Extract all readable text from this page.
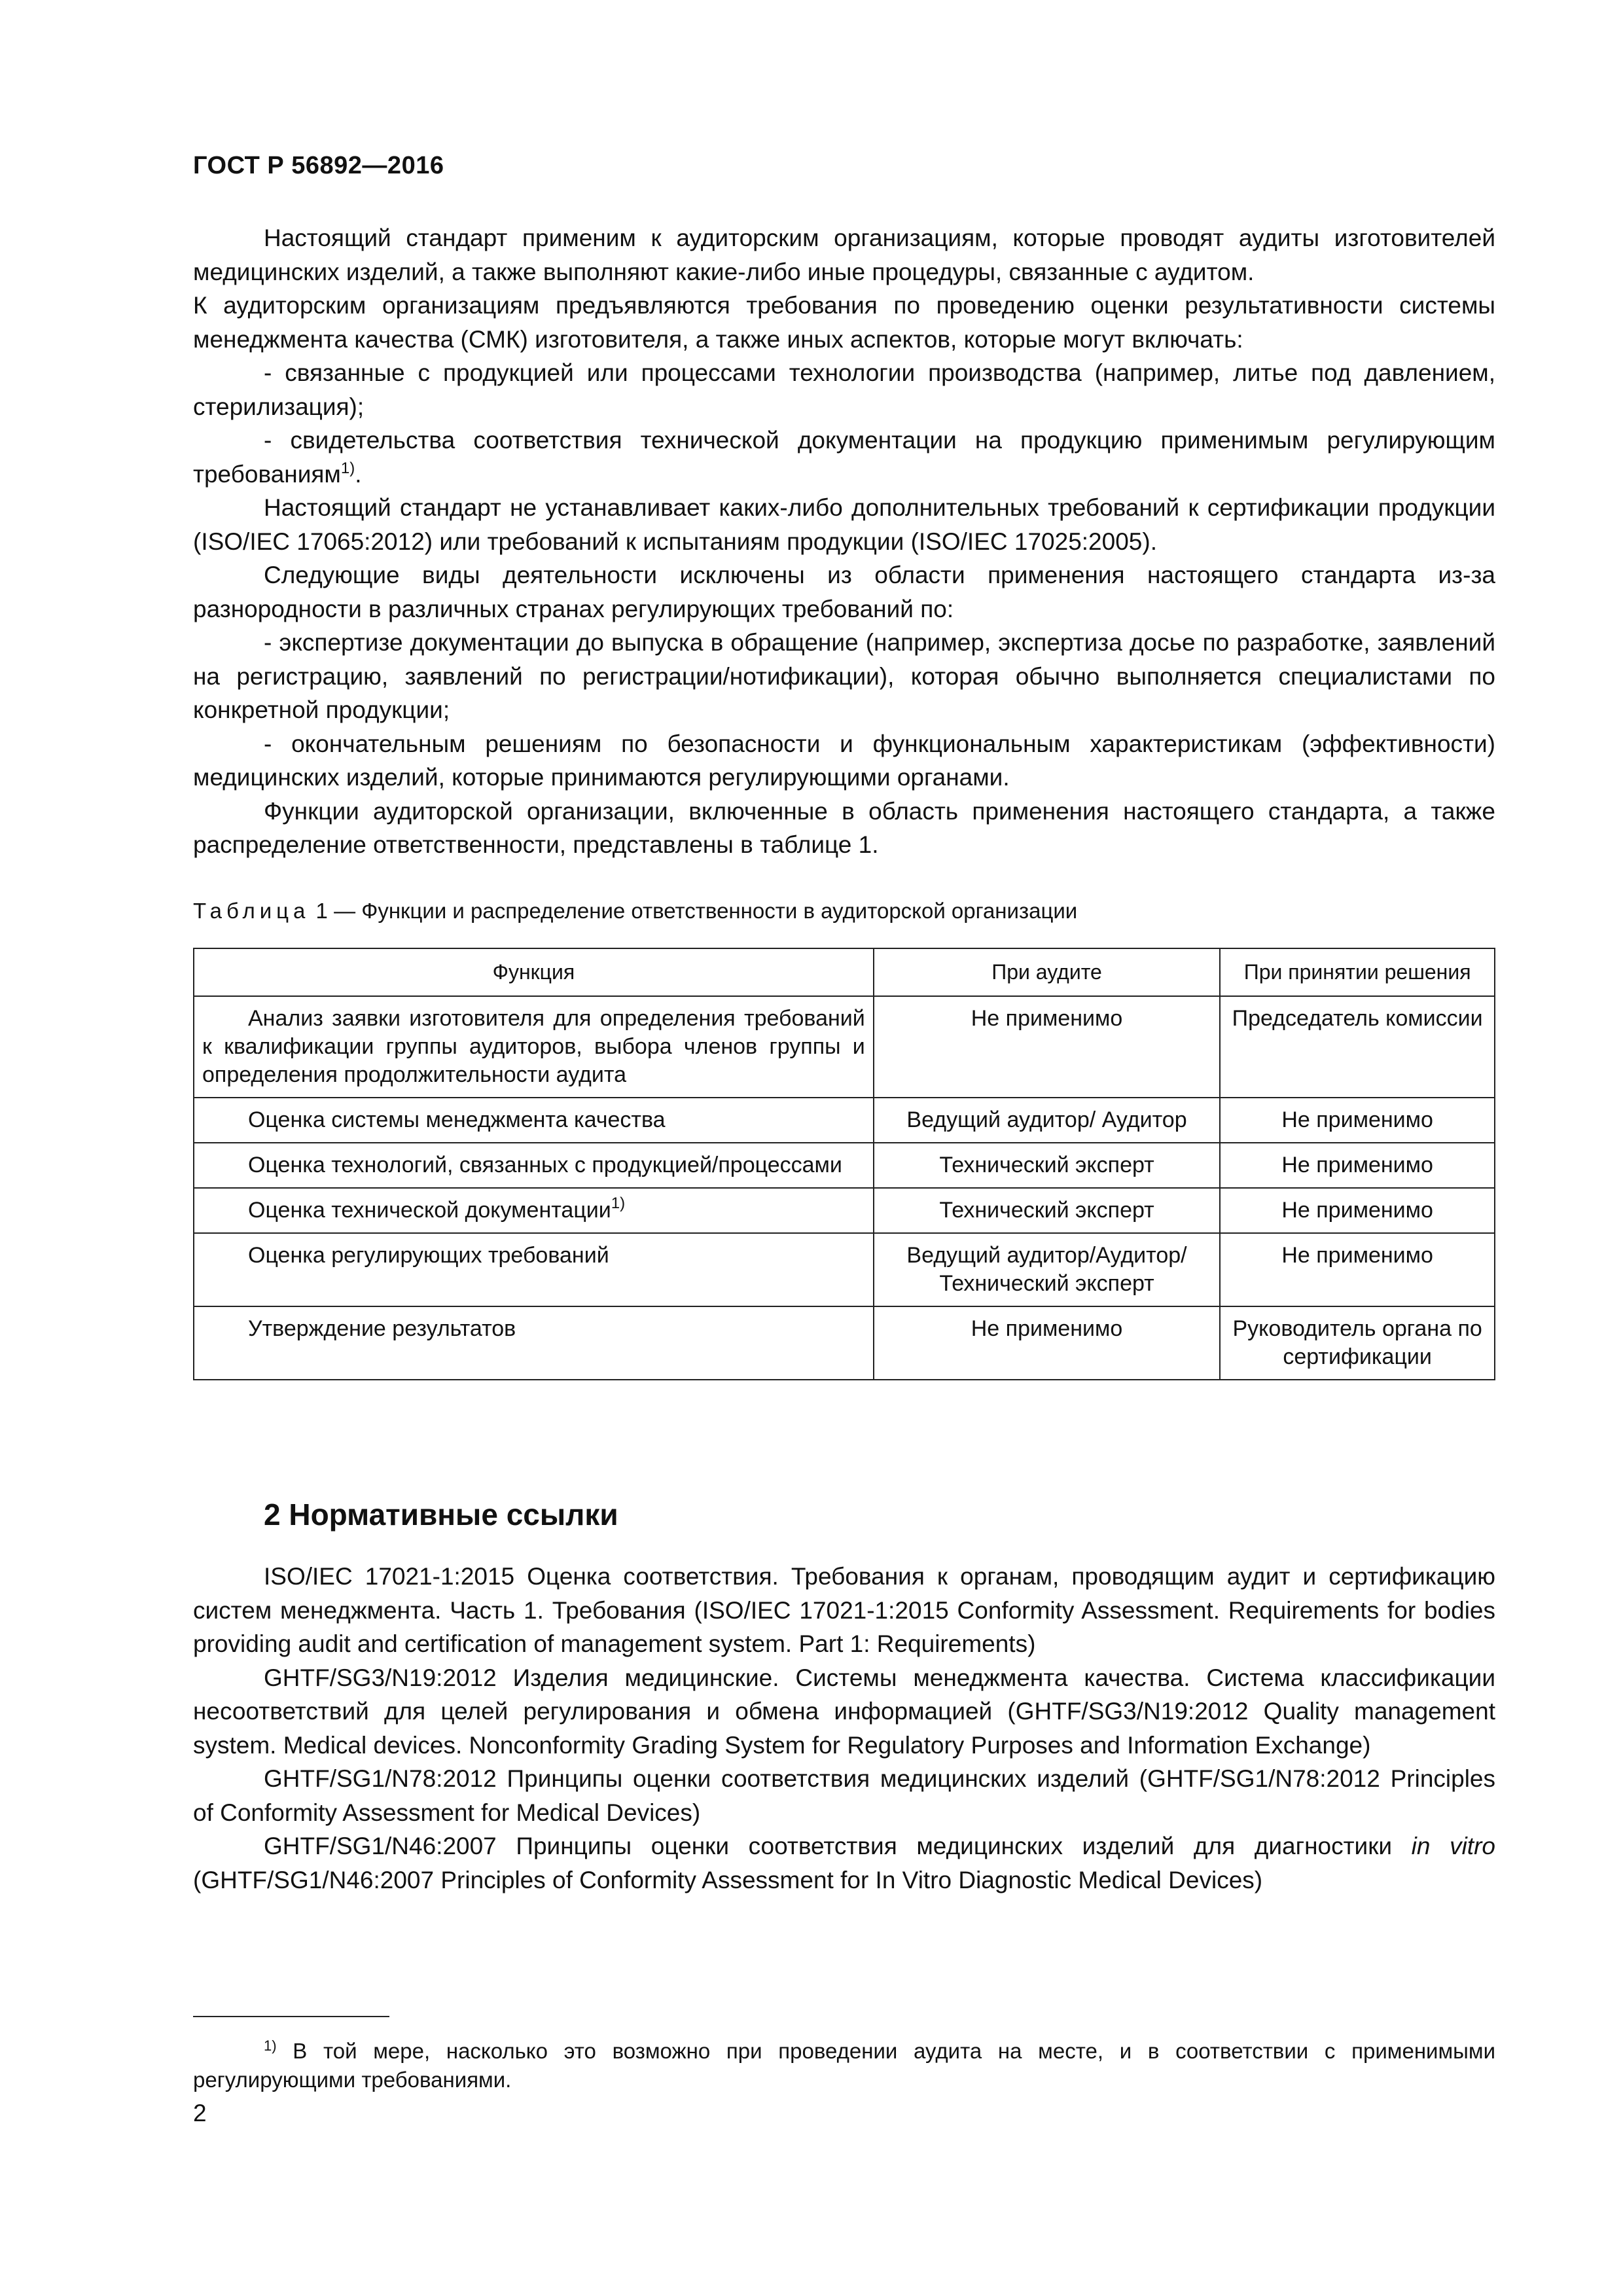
ГОСТ Р 56892—2016

Настоящий стандарт применим к аудиторским организациям, которые проводят аудиты изготовителей медицинских изделий, а также выполняют какие-либо иные процедуры, связанные с аудитом.

К аудиторским организациям предъявляются требования по проведению оценки результативности системы менеджмента качества (СМК) изготовителя, а также иных аспектов, которые могут включать:

- связанные с продукцией или процессами технологии производства (например, литье под давлением, стерилизация);

- свидетельства соответствия технической документации на продукцию применимым регулирующим требованиям$^{1)}$.

Настоящий стандарт не устанавливает каких-либо дополнительных требований к сертификации продукции (ISO/IEC 17065:2012) или требований к испытаниям продукции (ISO/IEC 17025:2005).

Следующие виды деятельности исключены из области применения настоящего стандарта из-за разнородности в различных странах регулирующих требований по:

- экспертизе документации до выпуска в обращение (например, экспертиза досье по разработке, заявлений на регистрацию, заявлений по регистрации/нотификации), которая обычно выполняется специалистами по конкретной продукции;

- окончательным решениям по безопасности и функциональным характеристикам (эффективности) медицинских изделий, которые принимаются регулирующими органами.

Функции аудиторской организации, включенные в область применения настоящего стандарта, а также распределение ответственности, представлены в таблице 1.

Таблица 1 — Функции и распределение ответственности в аудиторской организации
Функция	При аудите	При принятии решения
Анализ заявки изготовителя для определения требований к квалификации группы аудиторов, выбора членов группы и определения продолжительности аудита	Не применимо	Председатель комиссии
Оценка системы менеджмента качества	Ведущий аудитор/ Аудитор	Не применимо
Оценка технологий, связанных с продукцией/процессами	Технический эксперт	Не применимо
Оценка технической документации$^{1)}$	Технический эксперт	Не применимо
Оценка регулирующих требований	Ведущий аудитор/Аудитор/ Технический эксперт	Не применимо
Утверждение результатов	Не применимо	Руководитель органа по сертификации
2 Нормативные ссылки

ISO/IEC 17021-1:2015 Оценка соответствия. Требования к органам, проводящим аудит и сертификацию систем менеджмента. Часть 1. Требования (ISO/IEC 17021-1:2015 Conformity Assessment. Requirements for bodies providing audit and certification of management system. Part 1: Requirements)

GHTF/SG3/N19:2012 Изделия медицинские. Системы менеджмента качества. Система классификации несоответствий для целей регулирования и обмена информацией (GHTF/SG3/N19:2012 Quality management system. Medical devices. Nonconformity Grading System for Regulatory Purposes and Information Exchange)

GHTF/SG1/N78:2012 Принципы оценки соответствия медицинских изделий (GHTF/SG1/N78:2012 Principles of Conformity Assessment for Medical Devices)

GHTF/SG1/N46:2007 Принципы оценки соответствия медицинских изделий для диагностики in vitro (GHTF/SG1/N46:2007 Principles of Conformity Assessment for In Vitro Diagnostic Medical Devices)

$^{1)}$ В той мере, насколько это возможно при проведении аудита на месте, и в соответствии с применимыми регулирующими требованиями.
2
